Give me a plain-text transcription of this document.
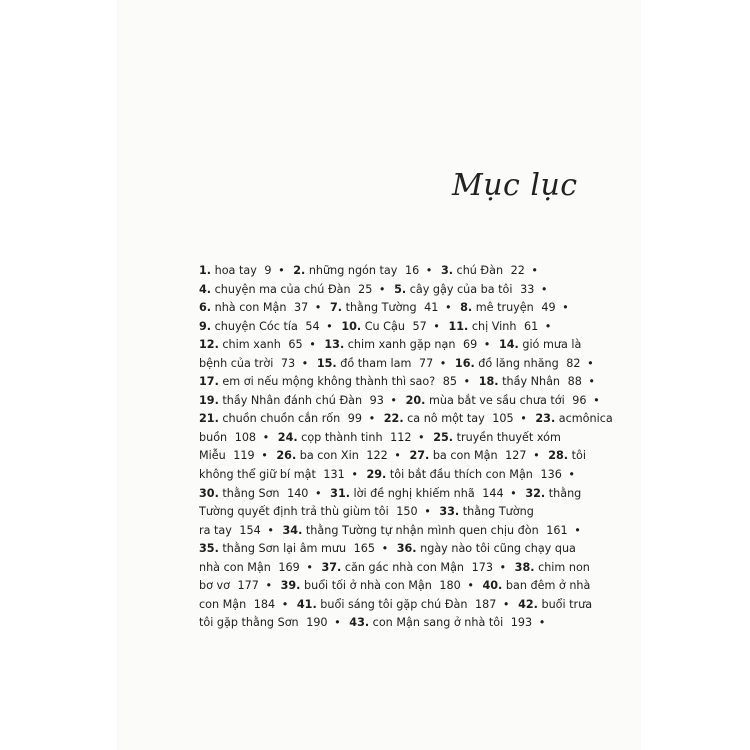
Mục lục
1. hoa tay 9 • 2. những ngón tay 16 • 3. chú Đàn 22 •
4. chuyện ma của chú Đàn 25 • 5. cây gậy của ba tôi 33 •
6. nhà con Mận 37 • 7. thằng Tường 41 • 8. mê truyện 49 •
9. chuyện Cóc tía 54 • 10. Cu Cậu 57 • 11. chị Vinh 61 •
12. chim xanh 65 • 13. chim xanh gặp nạn 69 • 14. gió mưa là
bệnh của trời 73 • 15. đồ tham lam 77 • 16. đồ lăng nhăng 82 •
17. em ơi nếu mộng không thành thì sao? 85 • 18. thầy Nhân 88 •
19. thầy Nhân đánh chú Đàn 93 • 20. mùa bắt ve sầu chưa tới 96 •
21. chuồn chuồn cắn rốn 99 • 22. ca nô một tay 105 • 23. acmônica
buồn 108 • 24. cọp thành tinh 112 • 25. truyền thuyết xóm
Miễu 119 • 26. ba con Xin 122 • 27. ba con Mận 127 • 28. tôi
không thể giữ bí mật 131 • 29. tôi bắt đầu thích con Mận 136 •
30. thằng Sơn 140 • 31. lời đề nghị khiếm nhã 144 • 32. thằng
Tường quyết định trả thù giùm tôi 150 • 33. thằng Tường
ra tay 154 • 34. thằng Tường tự nhận mình quen chịu đòn 161 •
35. thằng Sơn lại âm mưu 165 • 36. ngày nào tôi cũng chạy qua
nhà con Mận 169 • 37. căn gác nhà con Mận 173 • 38. chim non
bơ vơ 177 • 39. buổi tối ở nhà con Mận 180 • 40. ban đêm ở nhà
con Mận 184 • 41. buổi sáng tôi gặp chú Đàn 187 • 42. buổi trưa
tôi gặp thằng Sơn 190 • 43. con Mận sang ở nhà tôi 193 •
